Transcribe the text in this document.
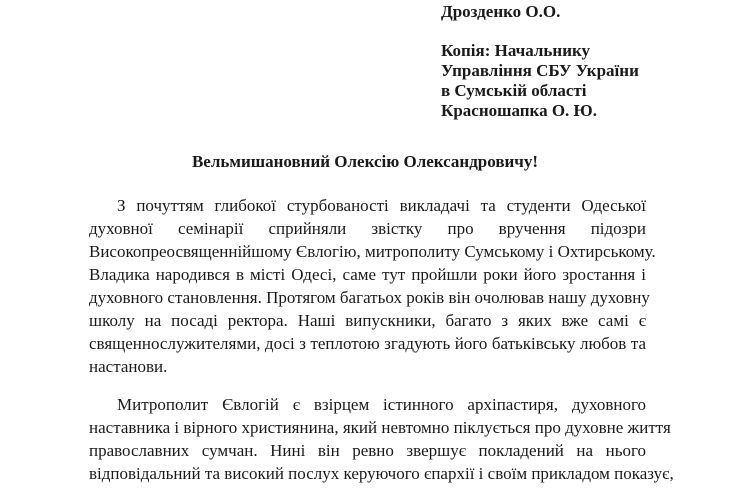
Дрозденко О.О.
Копія: Начальнику
Управління СБУ України
в Сумській області
Красношапка О. Ю.
Вельмишановний Олексію Олександровичу!
З почуттям глибокої стурбованості викладачі та студенти Одеської
духовної семінарії сприйняли звістку про вручення підозри
Високопреосвященнійшому Євлогію, митрополиту Сумському і Охтирському.
Владика народився в місті Одесі, саме тут пройшли роки його зростання і
духовного становлення. Протягом багатьох років він очолював нашу духовну
школу на посаді ректора. Наші випускники, багато з яких вже самі є
священнослужителями, досі з теплотою згадують його батьківську любов та
настанови.
Митрополит Євлогій є взірцем істинного архіпастиря, духовного
наставника і вірного християнина, який невтомно піклується про духовне життя
православних сумчан. Нині він ревно звершує покладений на нього
відповідальний та високий послух керуючого єпархії і своїм прикладом показує,
